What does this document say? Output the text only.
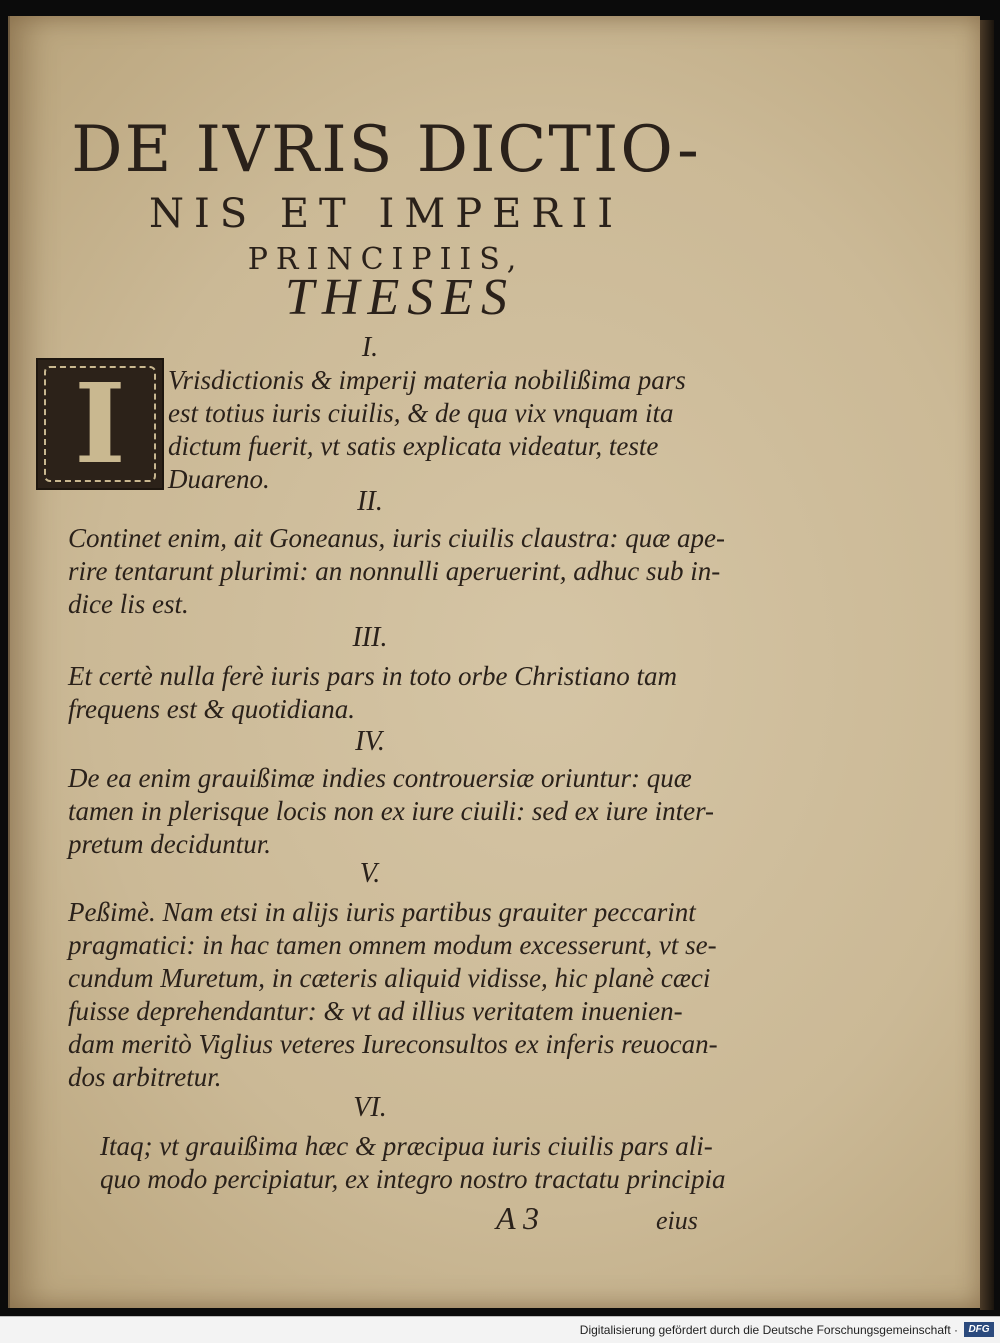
DE IVRIS DICTIO-
NIS ET IMPERII
PRINCIPIIS,
THESES
I.
I Vrisdictionis & imperij materia nobilißima pars
est totius iuris ciuilis, & de qua vix vnquam ita
dictum fuerit, vt satis explicata videatur, teste
Duareno.
II.
Continet enim, ait Goneanus, iuris ciuilis claustra: quæ ape-
rire tentarunt plurimi: an nonnulli aperuerint, adhuc sub in-
dice lis est.
III.
Et certè nulla ferè iuris pars in toto orbe Christiano tam
frequens est & quotidiana.
IV.
De ea enim grauißimæ indies controuersiæ oriuntur: quæ
tamen in plerisque locis non ex iure ciuili: sed ex iure inter-
pretum deciduntur.
V.
Peßimè. Nam etsi in alijs iuris partibus grauiter peccarint
pragmatici: in hac tamen omnem modum excesserunt, vt se-
cundum Muretum, in cæteris aliquid vidisse, hic planè cæci
fuisse deprehendantur: & vt ad illius veritatem inuenien-
dam meritò Viglius veteres Iureconsultos ex inferis reuocan-
dos arbitretur.
VI.
Itaq; vt grauißima hæc & præcipua iuris ciuilis pars ali-
quo modo percipiatur, ex integro nostro tractatu principia
A 3	eius
Digitalisierung gefördert durch die Deutsche Forschungsgemeinschaft ·	DFG
